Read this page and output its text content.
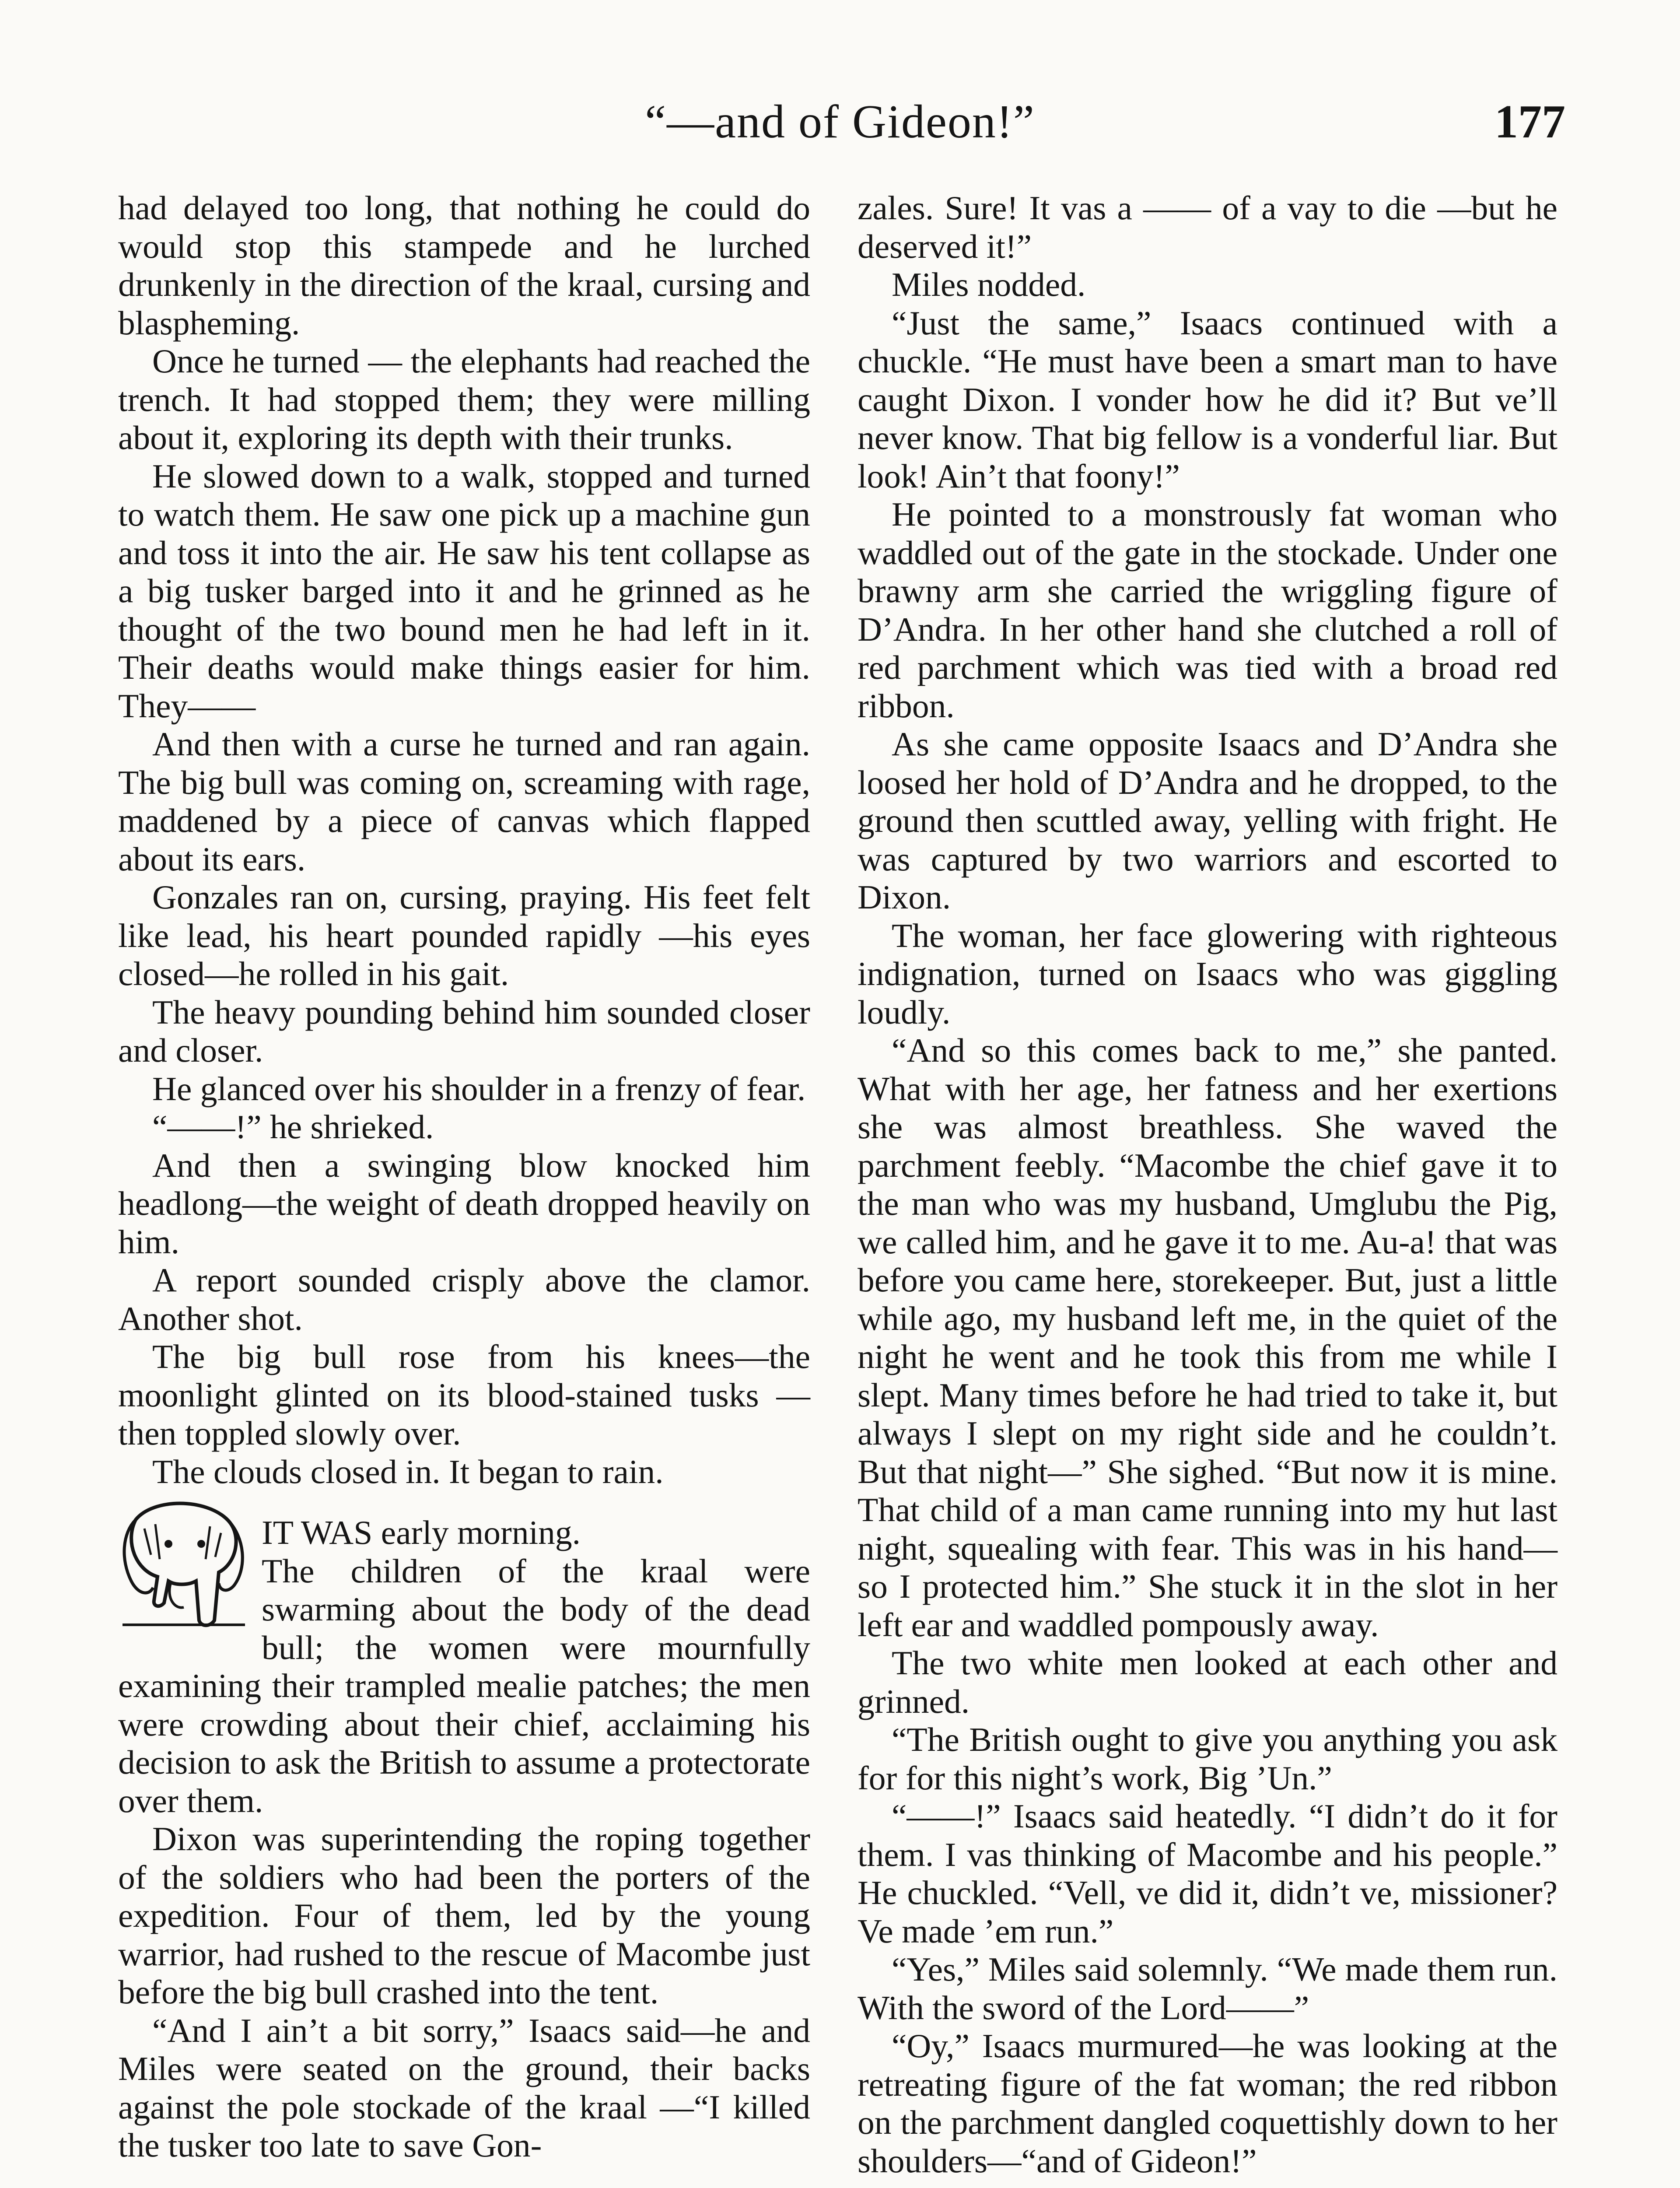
“—and of Gideon!”	177

had delayed too long, that nothing he could do would stop this stampede and he lurched drunkenly in the direction of the kraal, cursing and blaspheming.

Once he turned — the elephants had reached the trench. It had stopped them; they were milling about it, exploring its depth with their trunks.

He slowed down to a walk, stopped and turned to watch them. He saw one pick up a machine gun and toss it into the air. He saw his tent collapse as a big tusker barged into it and he grinned as he thought of the two bound men he had left in it. Their deaths would make things easier for him. They——

And then with a curse he turned and ran again. The big bull was coming on, screaming with rage, maddened by a piece of canvas which flapped about its ears.

Gonzales ran on, cursing, praying. His feet felt like lead, his heart pounded rapidly —his eyes closed—he rolled in his gait.

The heavy pounding behind him sounded closer and closer.

He glanced over his shoulder in a frenzy of fear.

“——!” he shrieked.

And then a swinging blow knocked him headlong—the weight of death dropped heavily on him.

A report sounded crisply above the clamor. Another shot.

The big bull rose from his knees—the moonlight glinted on its blood-stained tusks —then toppled slowly over.

The clouds closed in. It began to rain.

IT WAS early morning.

The children of the kraal were swarming about the body of the dead bull; the women were mournfully examining their trampled mealie patches; the men were crowding about their chief, acclaiming his decision to ask the British to assume a protectorate over them.

Dixon was superintending the roping together of the soldiers who had been the porters of the expedition. Four of them, led by the young warrior, had rushed to the rescue of Macombe just before the big bull crashed into the tent.

“And I ain’t a bit sorry,” Isaacs said—he and Miles were seated on the ground, their backs against the pole stockade of the kraal —“I killed the tusker too late to save Gon-

zales. Sure! It vas a —— of a vay to die —but he deserved it!”

Miles nodded.

“Just the same,” Isaacs continued with a chuckle. “He must have been a smart man to have caught Dixon. I vonder how he did it? But ve’ll never know. That big fellow is a vonderful liar. But look! Ain’t that foony!”

He pointed to a monstrously fat woman who waddled out of the gate in the stockade. Under one brawny arm she carried the wriggling figure of D’Andra. In her other hand she clutched a roll of red parchment which was tied with a broad red ribbon.

As she came opposite Isaacs and D’Andra she loosed her hold of D’Andra and he dropped, to the ground then scuttled away, yelling with fright. He was captured by two warriors and escorted to Dixon.

The woman, her face glowering with righteous indignation, turned on Isaacs who was giggling loudly.

“And so this comes back to me,” she panted. What with her age, her fatness and her exertions she was almost breathless. She waved the parchment feebly. “Macombe the chief gave it to the man who was my husband, Umglubu the Pig, we called him, and he gave it to me. Au-a! that was before you came here, storekeeper. But, just a little while ago, my husband left me, in the quiet of the night he went and he took this from me while I slept. Many times before he had tried to take it, but always I slept on my right side and he couldn’t. But that night—” She sighed. “But now it is mine. That child of a man came running into my hut last night, squealing with fear. This was in his hand—so I protected him.” She stuck it in the slot in her left ear and waddled pompously away.

The two white men looked at each other and grinned.

“The British ought to give you anything you ask for for this night’s work, Big ’Un.”

“——!” Isaacs said heatedly. “I didn’t do it for them. I vas thinking of Macombe and his people.” He chuckled. “Vell, ve did it, didn’t ve, missioner? Ve made ’em run.”

“Yes,” Miles said solemnly. “We made them run. With the sword of the Lord——”

“Oy,” Isaacs murmured—he was looking at the retreating figure of the fat woman; the red ribbon on the parchment dangled coquettishly down to her shoulders—“and of Gideon!”
